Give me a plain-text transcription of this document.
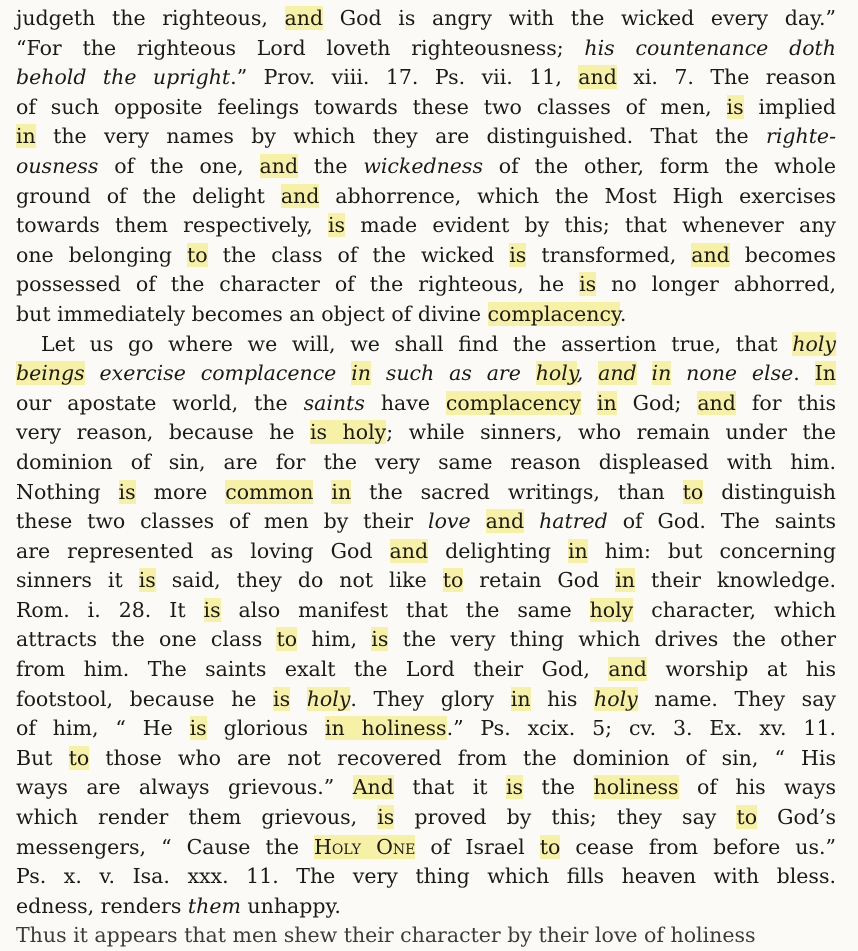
judgeth the righteous, and God is angry with the wicked every day.”
“For the righteous Lord loveth righteousness; his countenance doth
behold the upright.” Prov. viii. 17. Ps. vii. 11, and xi. 7. The reason
of such opposite feelings towards these two classes of men, is implied
in the very names by which they are distinguished. That the righte-
ousness of the one, and the wickedness of the other, form the whole
ground of the delight and abhorrence, which the Most High exercises
towards them respectively, is made evident by this; that whenever any
one belonging to the class of the wicked is transformed, and becomes
possessed of the character of the righteous, he is no longer abhorred,
but immediately becomes an object of divine complacency.
Let us go where we will, we shall find the assertion true, that holy
beings exercise complacence in such as are holy, and in none else. In
our apostate world, the saints have complacency in God; and for this
very reason, because he is holy; while sinners, who remain under the
dominion of sin, are for the very same reason displeased with him.
Nothing is more common in the sacred writings, than to distinguish
these two classes of men by their love and hatred of God. The saints
are represented as loving God and delighting in him: but concerning
sinners it is said, they do not like to retain God in their knowledge.
Rom. i. 28. It is also manifest that the same holy character, which
attracts the one class to him, is the very thing which drives the other
from him. The saints exalt the Lord their God, and worship at his
footstool, because he is holy. They glory in his holy name. They say
of him, “ He is glorious in holiness.” Ps. xcix. 5; cv. 3. Ex. xv. 11.
But to those who are not recovered from the dominion of sin, “ His
ways are always grievous.” And that it is the holiness of his ways
which render them grievous, is proved by this; they say to God’s
messengers, “ Cause the Holy One of Israel to cease from before us.”
Ps. x. v. Isa. xxx. 11. The very thing which fills heaven with bless.
edness, renders them unhappy.
Thus it appears that men shew their character by their love of holiness
